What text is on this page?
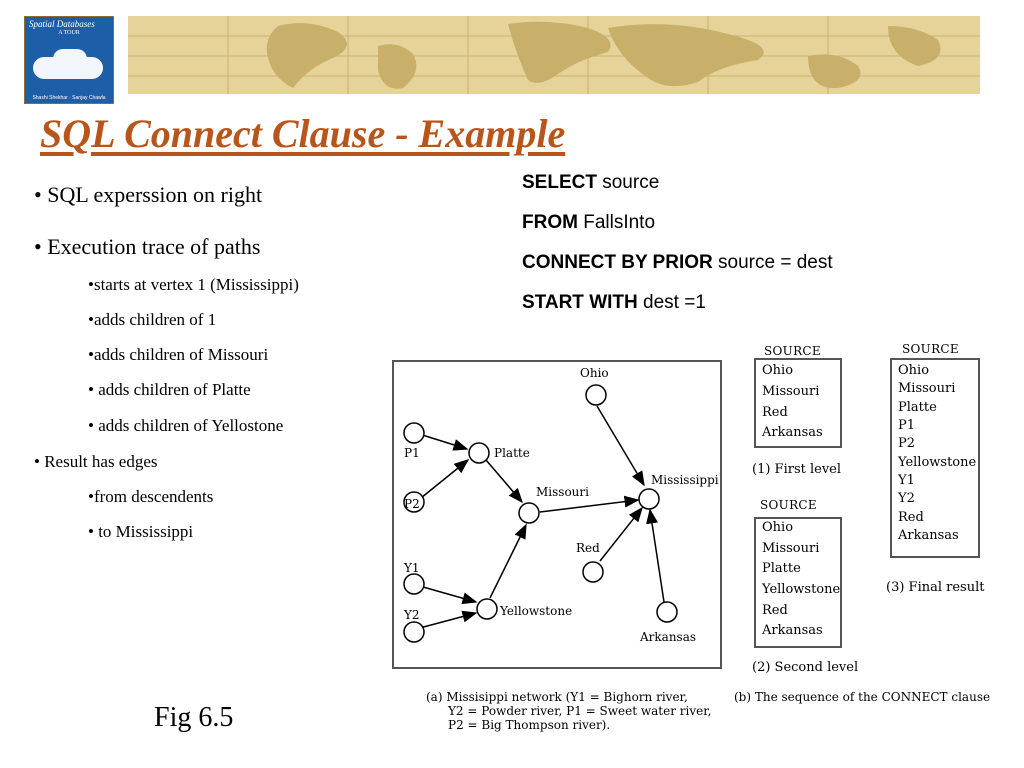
Spatial Databases
A TOUR
Shashi Shekhar · Sanjay Chawla
SQL Connect Clause - Example
• SQL experssion on right
• Execution trace of paths
•starts at vertex 1 (Mississippi)
•adds children of 1
•adds children of Missouri
• adds children of Platte
• adds children of Yellostone
• Result has edges
•from descendents
• to Mississippi
SELECT source
FROM FallsInto
CONNECT BY PRIOR source = dest
START WITH dest =1
Ohio
P1
P2
Platte
Missouri
Mississippi
Red
Y1
Y2	Yellowstone
Arkansas
SOURCE
Ohio
Missouri
Red
Arkansas
(1) First level
SOURCE
Ohio
Missouri
Platte
Yellowstone
Red
Arkansas
(2) Second level
SOURCE
Ohio
Missouri
Platte
P1
P2
Yellowstone
Y1
Y2
Red
Arkansas
(3) Final result
(a) Missisippi network (Y1 = Bighorn river,
Y2 = Powder river, P1 = Sweet water river,
P2 = Big Thompson river).
(b) The sequence of the CONNECT clause
Fig 6.5
